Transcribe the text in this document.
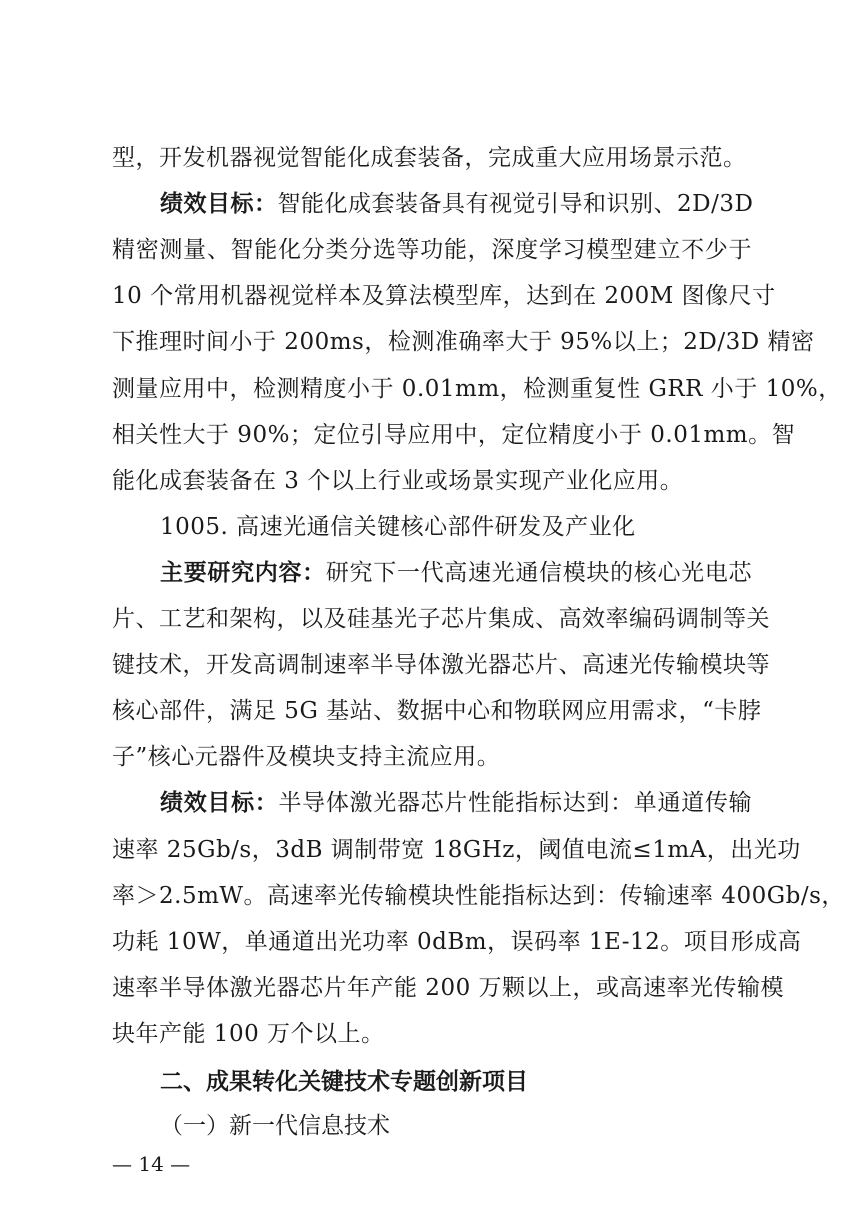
型，开发机器视觉智能化成套装备，完成重大应用场景示范。
绩效目标：智能化成套装备具有视觉引导和识别、2D/3D
精密测量、智能化分类分选等功能，深度学习模型建立不少于
10 个常用机器视觉样本及算法模型库，达到在 200M 图像尺寸
下推理时间小于 200ms，检测准确率大于 95%以上；2D/3D 精密
测量应用中，检测精度小于 0.01mm，检测重复性 GRR 小于 10%，
相关性大于 90%；定位引导应用中，定位精度小于 0.01mm。智
能化成套装备在 3 个以上行业或场景实现产业化应用。
1005. 高速光通信关键核心部件研发及产业化
主要研究内容：研究下一代高速光通信模块的核心光电芯
片、工艺和架构，以及硅基光子芯片集成、高效率编码调制等关
键技术，开发高调制速率半导体激光器芯片、高速光传输模块等
核心部件，满足 5G 基站、数据中心和物联网应用需求，“卡脖
子”核心元器件及模块支持主流应用。
绩效目标：半导体激光器芯片性能指标达到：单通道传输
速率 25Gb/s，3dB 调制带宽 18GHz，阈值电流≤1mA，出光功
率＞2.5mW。高速率光传输模块性能指标达到：传输速率 400Gb/s，
功耗 10W，单通道出光功率 0dBm，误码率 1E-12。项目形成高
速率半导体激光器芯片年产能 200 万颗以上，或高速率光传输模
块年产能 100 万个以上。
— 14 —
二、成果转化关键技术专题创新项目
（一）新一代信息技术
